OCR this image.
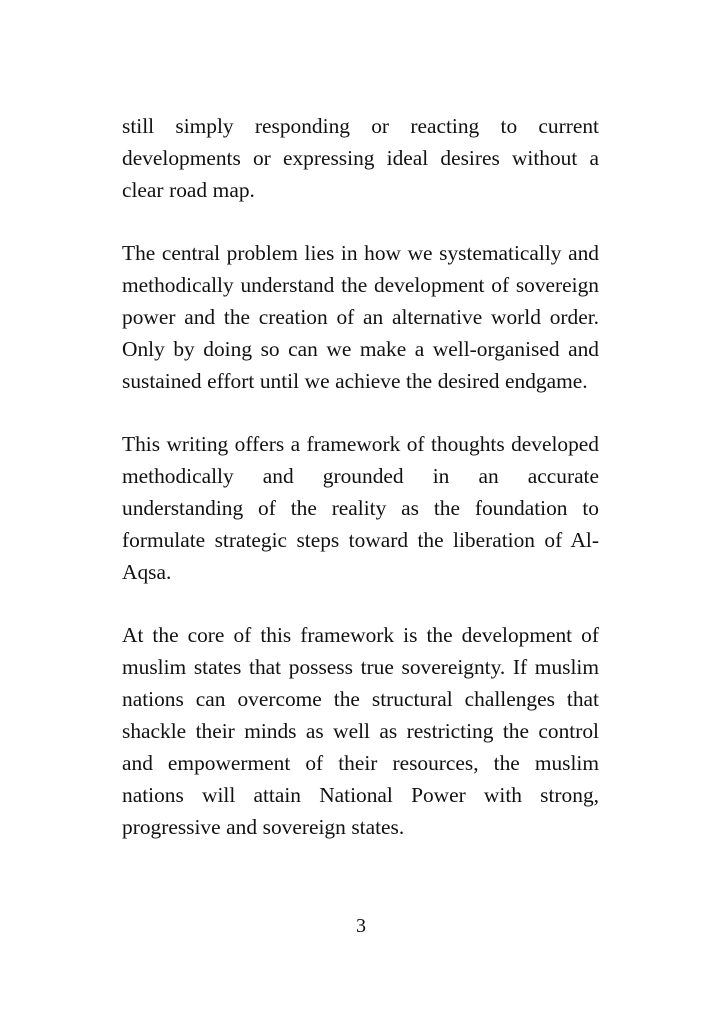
still simply responding or reacting to current developments or expressing ideal desires without a clear road map.

The central problem lies in how we systematically and methodically understand the development of sovereign power and the creation of an alternative world order. Only by doing so can we make a well-organised and sustained effort until we achieve the desired endgame.

This writing offers a framework of thoughts developed methodically and grounded in an accurate understanding of the reality as the foundation to formulate strategic steps toward the liberation of Al-Aqsa.

At the core of this framework is the development of muslim states that possess true sovereignty. If muslim nations can overcome the structural challenges that shackle their minds as well as restricting the control and empowerment of their resources, the muslim nations will attain National Power with strong, progressive and sovereign states.

3
